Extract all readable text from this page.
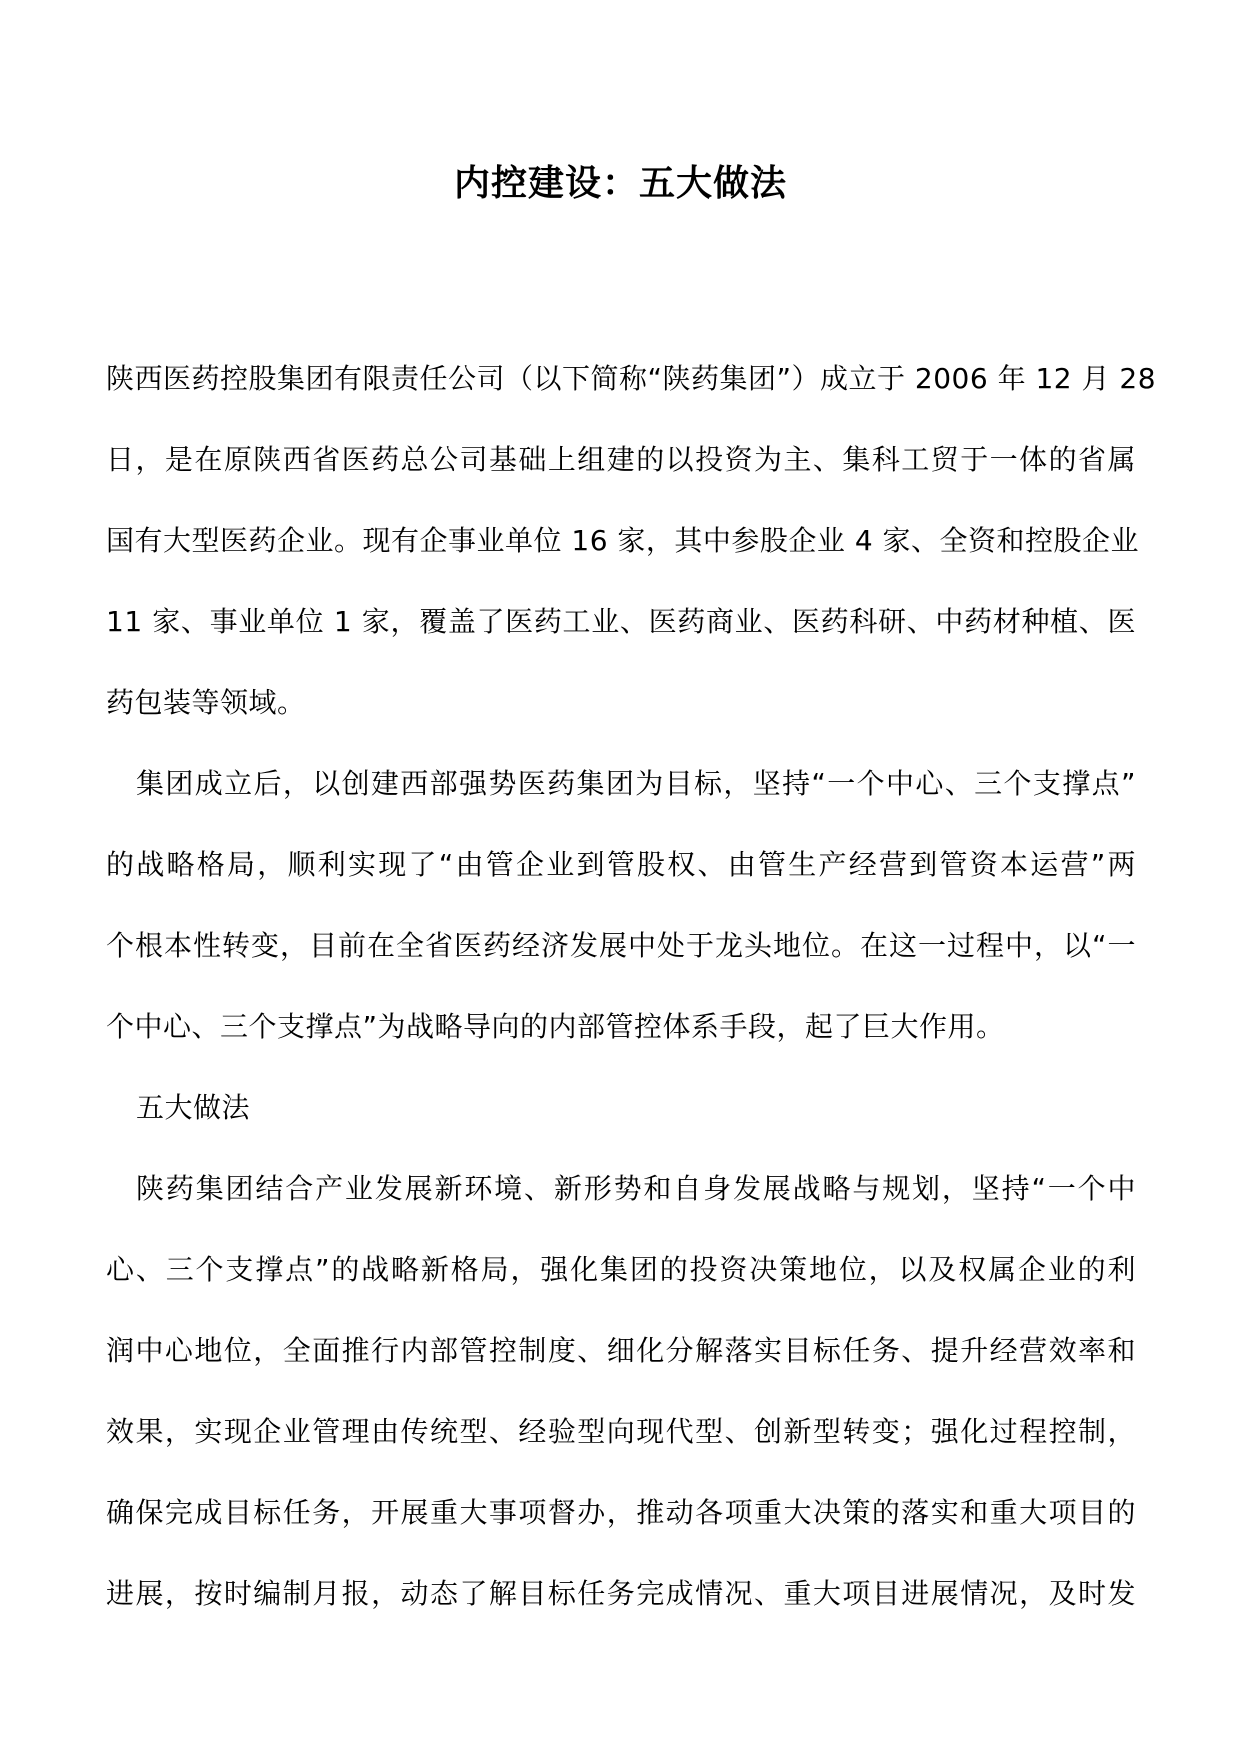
内控建设：五大做法
陕西医药控股集团有限责任公司（以下简称“陕药集团”）成立于 2006 年 12 月 28
日，是在原陕西省医药总公司基础上组建的以投资为主、集科工贸于一体的省属
国有大型医药企业。现有企事业单位 16 家，其中参股企业 4 家、全资和控股企业
11 家、事业单位 1 家，覆盖了医药工业、医药商业、医药科研、中药材种植、医
药包装等领域。
集团成立后，以创建西部强势医药集团为目标，坚持“一个中心、三个支撑点”
的战略格局，顺利实现了“由管企业到管股权、由管生产经营到管资本运营”两
个根本性转变，目前在全省医药经济发展中处于龙头地位。在这一过程中，以“一
个中心、三个支撑点”为战略导向的内部管控体系手段，起了巨大作用。
五大做法
陕药集团结合产业发展新环境、新形势和自身发展战略与规划，坚持“一个中
心、三个支撑点”的战略新格局，强化集团的投资决策地位，以及权属企业的利
润中心地位，全面推行内部管控制度、细化分解落实目标任务、提升经营效率和
效果，实现企业管理由传统型、经验型向现代型、创新型转变；强化过程控制，
确保完成目标任务，开展重大事项督办，推动各项重大决策的落实和重大项目的
进展，按时编制月报，动态了解目标任务完成情况、重大项目进展情况，及时发
